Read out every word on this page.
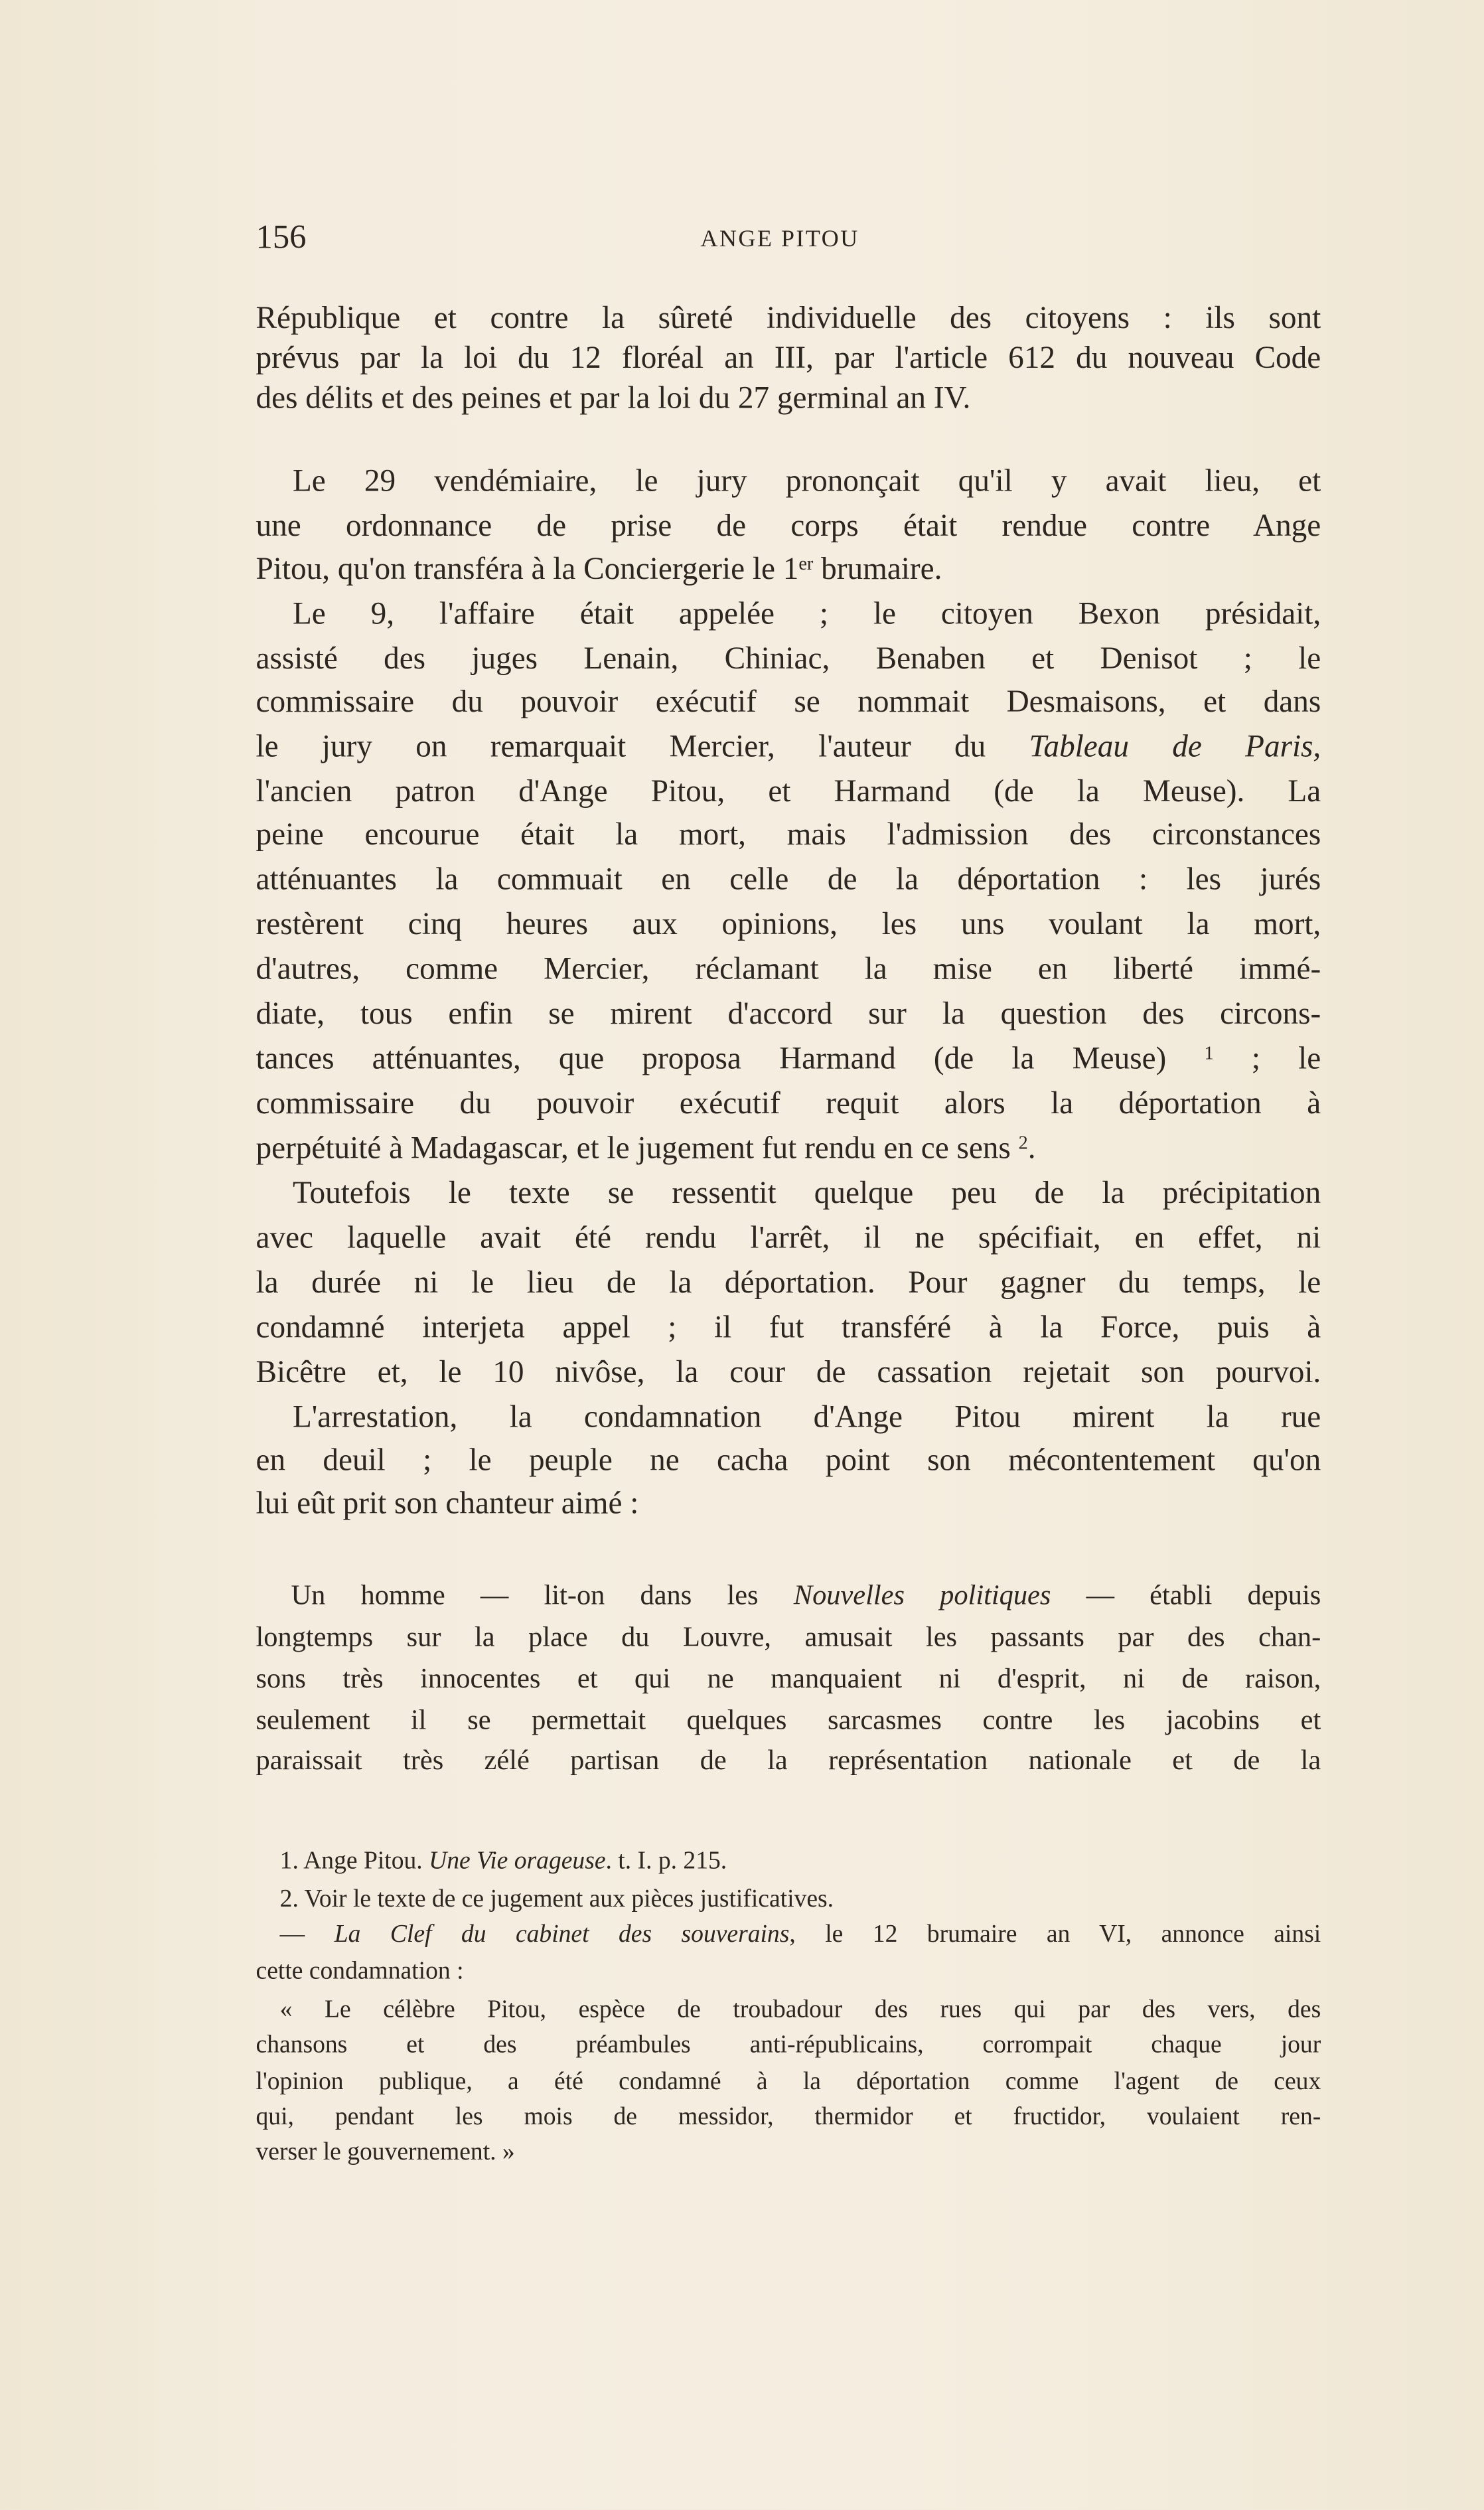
156	ANGE PITOU
République et contre la sûreté individuelle des citoyens : ils sont
prévus par la loi du 12 floréal an III, par l'article 612 du nouveau Code
des délits et des peines et par la loi du 27 germinal an IV.
Le 29 vendémiaire, le jury prononçait qu'il y avait lieu, et
une ordonnance de prise de corps était rendue contre Ange
Pitou, qu'on transféra à la Conciergerie le 1er brumaire.
Le 9, l'affaire était appelée ; le citoyen Bexon présidait,
assisté des juges Lenain, Chiniac, Benaben et Denisot ; le
commissaire du pouvoir exécutif se nommait Desmaisons, et dans
le jury on remarquait Mercier, l'auteur du Tableau de Paris,
l'ancien patron d'Ange Pitou, et Harmand (de la Meuse). La
peine encourue était la mort, mais l'admission des circonstances
atténuantes la commuait en celle de la déportation : les jurés
restèrent cinq heures aux opinions, les uns voulant la mort,
d'autres, comme Mercier, réclamant la mise en liberté immé-
diate, tous enfin se mirent d'accord sur la question des circons-
tances atténuantes, que proposa Harmand (de la Meuse) $^1$ ; le
commissaire du pouvoir exécutif requit alors la déportation à
perpétuité à Madagascar, et le jugement fut rendu en ce sens $^2$.
Toutefois le texte se ressentit quelque peu de la précipitation
avec laquelle avait été rendu l'arrêt, il ne spécifiait, en effet, ni
la durée ni le lieu de la déportation. Pour gagner du temps, le
condamné interjeta appel ; il fut transféré à la Force, puis à
Bicêtre et, le 10 nivôse, la cour de cassation rejetait son pourvoi.
L'arrestation, la condamnation d'Ange Pitou mirent la rue
en deuil ; le peuple ne cacha point son mécontentement qu'on
lui eût prit son chanteur aimé :
Un homme — lit-on dans les Nouvelles politiques — établi depuis
longtemps sur la place du Louvre, amusait les passants par des chan-
sons très innocentes et qui ne manquaient ni d'esprit, ni de raison,
seulement il se permettait quelques sarcasmes contre les jacobins et
paraissait très zélé partisan de la représentation nationale et de la
1. Ange Pitou. Une Vie orageuse. t. I. p. 215.
2. Voir le texte de ce jugement aux pièces justificatives.
— La Clef du cabinet des souverains, le 12 brumaire an VI, annonce ainsi
cette condamnation :
« Le célèbre Pitou, espèce de troubadour des rues qui par des vers, des
chansons et des préambules anti-républicains, corrompait chaque jour
l'opinion publique, a été condamné à la déportation comme l'agent de ceux
qui, pendant les mois de messidor, thermidor et fructidor, voulaient ren-
verser le gouvernement. »
